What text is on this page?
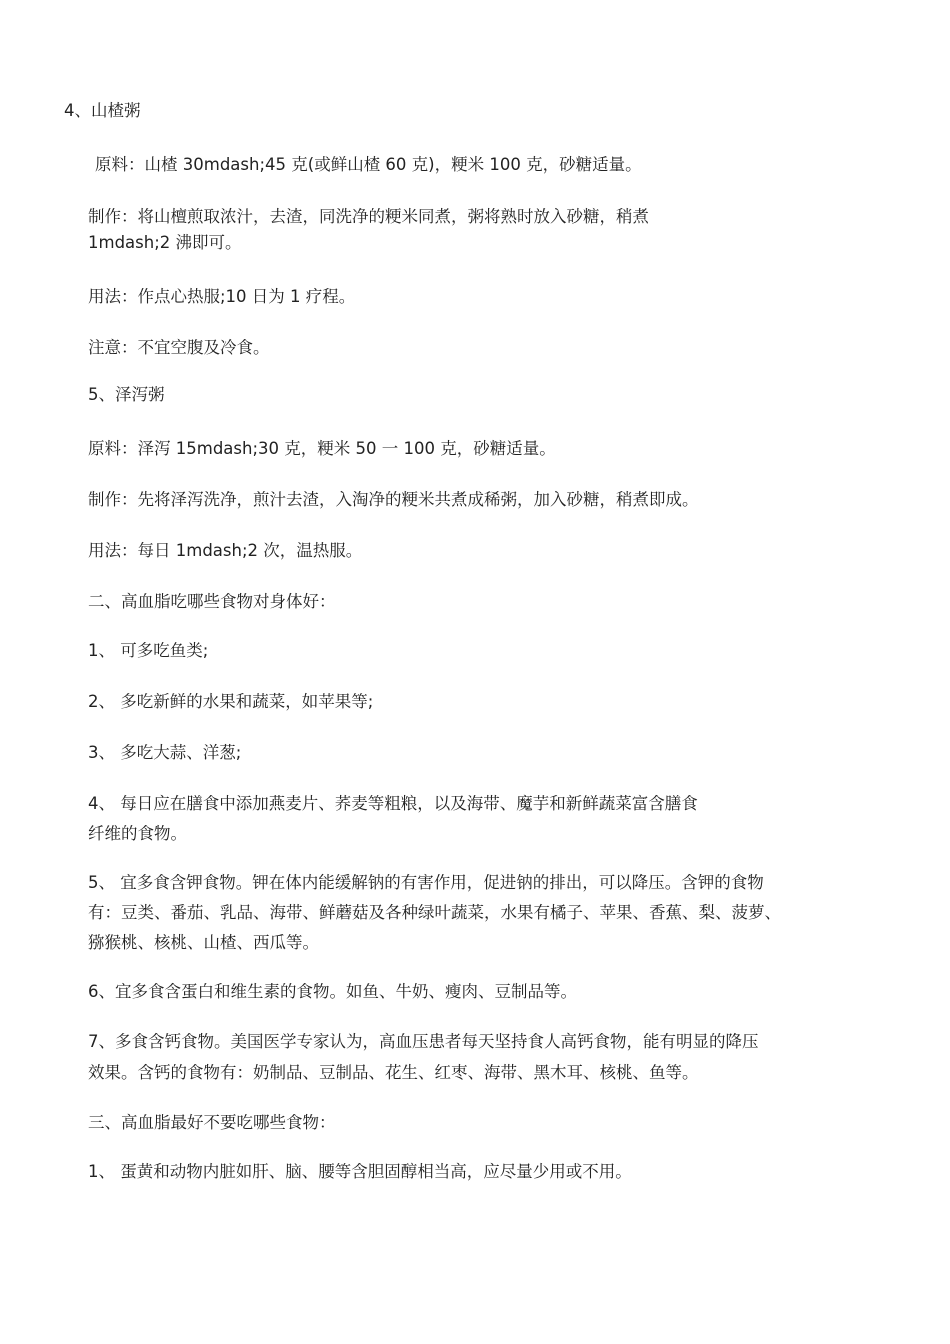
4、山楂粥

原料：山楂 30mdash;45 克(或鲜山楂 60 克)，粳米 100 克，砂糖适量。

制作：将山檀煎取浓汁，去渣，同洗净的粳米同煮，粥将熟时放入砂糖，稍煮

1mdash;2 沸即可。

用法：作点心热服;10 日为 1 疗程。

注意：不宜空腹及冷食。

5、泽泻粥

原料：泽泻 15mdash;30 克，粳米 50 一 100 克，砂糖适量。

制作：先将泽泻洗净，煎汁去渣，入淘净的粳米共煮成稀粥，加入砂糖，稍煮即成。

用法：每日 1mdash;2 次，温热服。

二、高血脂吃哪些食物对身体好：

1、 可多吃鱼类;

2、 多吃新鲜的水果和蔬菜，如苹果等;

3、 多吃大蒜、洋葱;

4、 每日应在膳食中添加燕麦片、荞麦等粗粮，以及海带、魔芋和新鲜蔬菜富含膳食

纤维的食物。

5、 宜多食含钾食物。钾在体内能缓解钠的有害作用，促进钠的排出，可以降压。含钾的食物

有：豆类、番茄、乳品、海带、鲜蘑菇及各种绿叶蔬菜，水果有橘子、苹果、香蕉、梨、菠萝、

猕猴桃、核桃、山楂、西瓜等。

6、宜多食含蛋白和维生素的食物。如鱼、牛奶、瘦肉、豆制品等。

7、多食含钙食物。美国医学专家认为，高血压患者每天坚持食人高钙食物，能有明显的降压

效果。含钙的食物有：奶制品、豆制品、花生、红枣、海带、黑木耳、核桃、鱼等。

三、高血脂最好不要吃哪些食物：

1、 蛋黄和动物内脏如肝、脑、腰等含胆固醇相当高，应尽量少用或不用。
